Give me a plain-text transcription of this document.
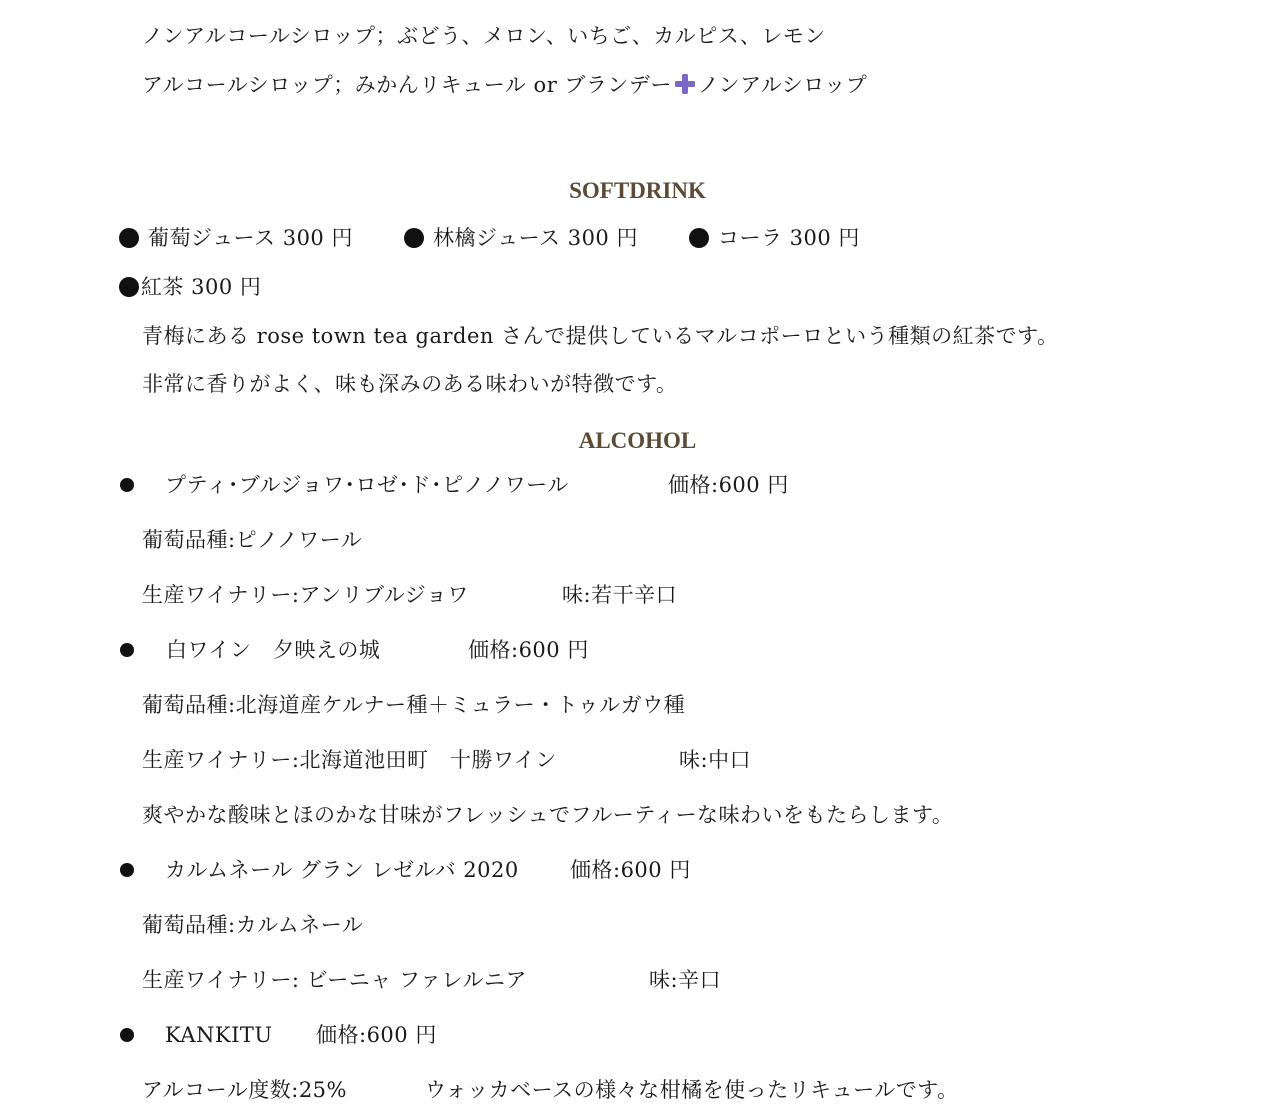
ノンアルコールシロップ；ぶどう、メロン、いちご、カルピス、レモン
アルコールシロップ；みかんリキュール or ブランデー ノンアルシロップ
SOFTDRINK
葡萄ジュース 300 円	林檎ジュース 300 円	コーラ 300 円
紅茶 300 円
青梅にある rose town tea garden さんで提供しているマルコポーロという種類の紅茶です。
非常に香りがよく、味も深みのある味わいが特徴です。
ALCOHOL
プティ･ブルジョワ･ロゼ･ド･ピノノワール	価格:600 円
葡萄品種:ピノノワール
生産ワイナリー:アンリブルジョワ	味:若干辛口
白ワイン　夕映えの城	価格:600 円
葡萄品種:北海道産ケルナー種＋ミュラー・トゥルガウ種
生産ワイナリー:北海道池田町　十勝ワイン	味:中口
爽やかな酸味とほのかな甘味がフレッシュでフルーティーな味わいをもたらします。
カルムネール グラン レゼルバ 2020 価格:600 円
葡萄品種:カルムネール
生産ワイナリー: ビーニャ ファレルニア	味:辛口
KANKITU 価格:600 円
アルコール度数:25%	ウォッカベースの様々な柑橘を使ったリキュールです。
